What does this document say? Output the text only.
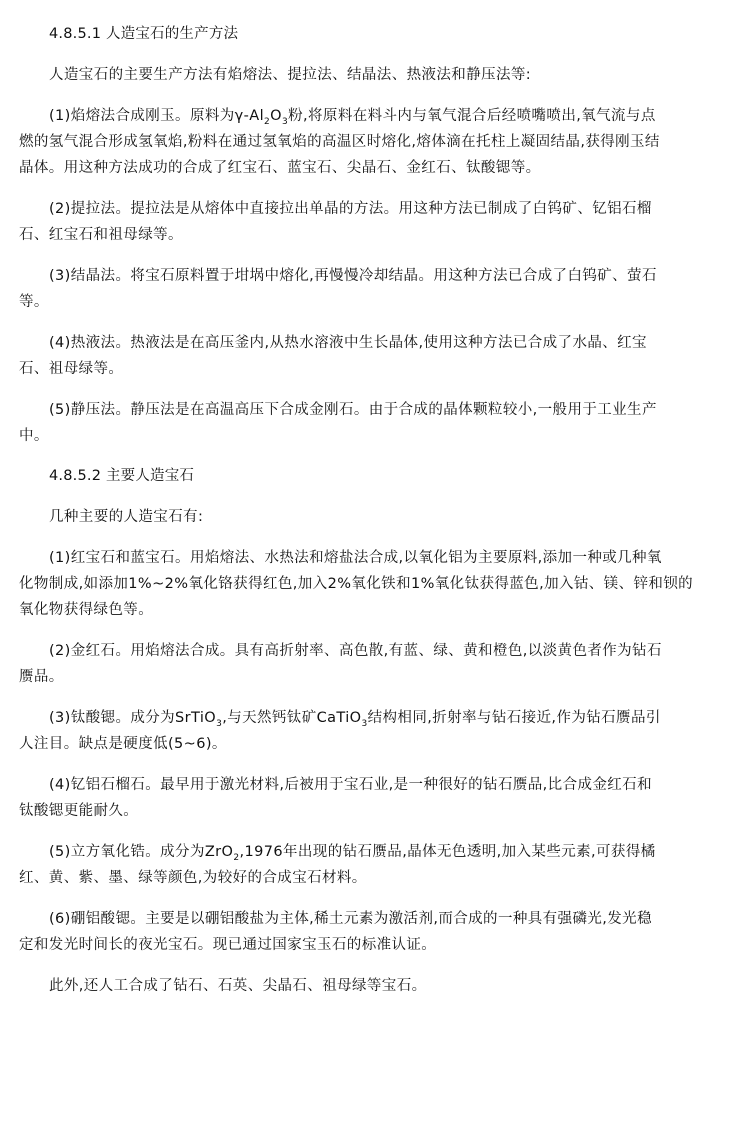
4.8.5.1 人造宝石的生产方法
人造宝石的主要生产方法有焰熔法、提拉法、结晶法、热液法和静压法等:
(1)焰熔法合成刚玉。原料为$\gamma-Al_2O_3$粉,将原料在料斗内与氧气混合后经喷嘴喷出,氧气流与点
燃的氢气混合形成氢氧焰,粉料在通过氢氧焰的高温区时熔化,熔体滴在托柱上凝固结晶,获得刚玉结
晶体。用这种方法成功的合成了红宝石、蓝宝石、尖晶石、金红石、钛酸锶等。
(2)提拉法。提拉法是从熔体中直接拉出单晶的方法。用这种方法已制成了白钨矿、钇铝石榴
石、红宝石和祖母绿等。
(3)结晶法。将宝石原料置于坩埚中熔化,再慢慢冷却结晶。用这种方法已合成了白钨矿、萤石
等。
(4)热液法。热液法是在高压釜内,从热水溶液中生长晶体,使用这种方法已合成了水晶、红宝
石、祖母绿等。
(5)静压法。静压法是在高温高压下合成金刚石。由于合成的晶体颗粒较小,一般用于工业生产
中。
4.8.5.2 主要人造宝石
几种主要的人造宝石有:
(1)红宝石和蓝宝石。用焰熔法、水热法和熔盐法合成,以氧化铝为主要原料,添加一种或几种氧
化物制成,如添加1%~2%氧化铬获得红色,加入2%氧化铁和1%氧化钛获得蓝色,加入钴、镁、锌和钡的
氧化物获得绿色等。
(2)金红石。用焰熔法合成。具有高折射率、高色散,有蓝、绿、黄和橙色,以淡黄色者作为钻石
赝品。
(3)钛酸锶。成分为SrTiO$_3$,与天然钙钛矿CaTiO$_3$结构相同,折射率与钻石接近,作为钻石赝品引
人注目。缺点是硬度低(5~6)。
(4)钇铝石榴石。最早用于激光材料,后被用于宝石业,是一种很好的钻石赝品,比合成金红石和
钛酸锶更能耐久。
(5)立方氧化锆。成分为ZrO$_2$,1976年出现的钻石赝品,晶体无色透明,加入某些元素,可获得橘
红、黄、紫、墨、绿等颜色,为较好的合成宝石材料。
(6)硼铝酸锶。主要是以硼铝酸盐为主体,稀土元素为激活剂,而合成的一种具有强磷光,发光稳
定和发光时间长的夜光宝石。现已通过国家宝玉石的标准认证。
此外,还人工合成了钻石、石英、尖晶石、祖母绿等宝石。
